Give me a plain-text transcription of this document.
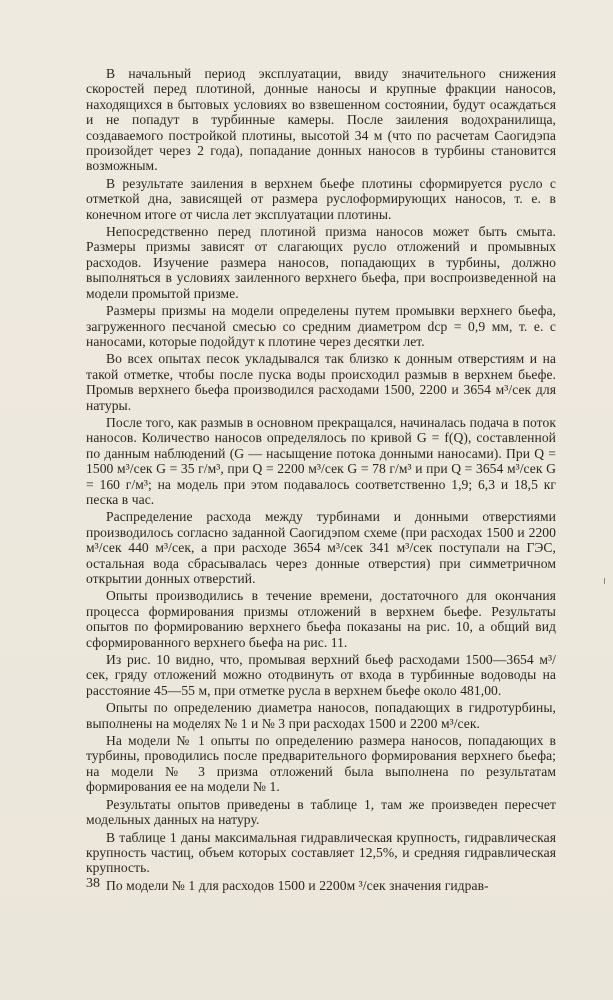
В начальный период эксплуатации, ввиду значительного снижения скоростей перед плотиной, донные наносы и крупные фракции наносов, находящихся в бытовых условиях во взвешенном состоянии, будут осаждаться и не попадут в турбинные камеры. После заиления водохранилища, создаваемого постройкой плотины, высотой 34 м (что по расчетам Саогидэпа произойдет через 2 года), попадание донных наносов в турбины становится возможным.

В результате заиления в верхнем бьефе плотины сформируется русло с отметкой дна, зависящей от размера руслоформирующих наносов, т. е. в конечном итоге от числа лет эксплуатации плотины.

Непосредственно перед плотиной призма наносов может быть смыта. Размеры призмы зависят от слагающих русло отложений и промывных расходов. Изучение размера наносов, попадающих в турбины, должно выполняться в условиях заиленного верхнего бьефа, при воспроизведенной на модели промытой призме.

Размеры призмы на модели определены путем промывки верхнего бьефа, загруженного песчаной смесью со средним диаметром dср = 0,9 мм, т. е. с наносами, которые подойдут к плотине через десятки лет.

Во всех опытах песок укладывался так близко к донным отверстиям и на такой отметке, чтобы после пуска воды происходил размыв в верхнем бьефе. Промыв верхнего бьефа производился расходами 1500, 2200 и 3654 м³/сек для натуры.

После того, как размыв в основном прекращался, начиналась подача в поток наносов. Количество наносов определялось по кривой G = f(Q), составленной по данным наблюдений (G — насыщение потока донными наносами). При Q = 1500 м³/сек G = 35 г/м³, при Q = 2200 м³/сек G = 78 г/м³ и при Q = 3654 м³/сек G = 160 г/м³; на модель при этом подавалось соответственно 1,9; 6,3 и 18,5 кг песка в час.

Распределение расхода между турбинами и донными отверстиями производилось согласно заданной Саогидэпом схеме (при расходах 1500 и 2200 м³/сек 440 м³/сек, а при расходе 3654 м³/сек 341 м³/сек поступали на ГЭС, остальная вода сбрасывалась через донные отверстия) при симметричном открытии донных отверстий.

Опыты производились в течение времени, достаточного для окончания процесса формирования призмы отложений в верхнем бьефе. Результаты опытов по формированию верхнего бьефа показаны на рис. 10, а общий вид сформированного верхнего бьефа на рис. 11.

Из рис. 10 видно, что, промывая верхний бьеф расходами 1500—3654 м³/сек, гряду отложений можно отодвинуть от входа в турбинные водоводы на расстояние 45—55 м, при отметке русла в верхнем бьефе около 481,00.

Опыты по определению диаметра наносов, попадающих в гидротурбины, выполнены на моделях № 1 и № 3 при расходах 1500 и 2200 м³/сек.

На модели № 1 опыты по определению размера наносов, попадающих в турбины, проводились после предварительного формирования верхнего бьефа; на модели № 3 призма отложений была выполнена по результатам формирования ее на модели № 1.

Результаты опытов приведены в таблице 1, там же произведен пересчет модельных данных на натуру.

В таблице 1 даны максимальная гидравлическая крупность, гидравлическая крупность частиц, объем которых составляет 12,5%, и средняя гидравлическая крупность.

По модели № 1 для расходов 1500 и 2200м ³/сек значения гидрав-

38
